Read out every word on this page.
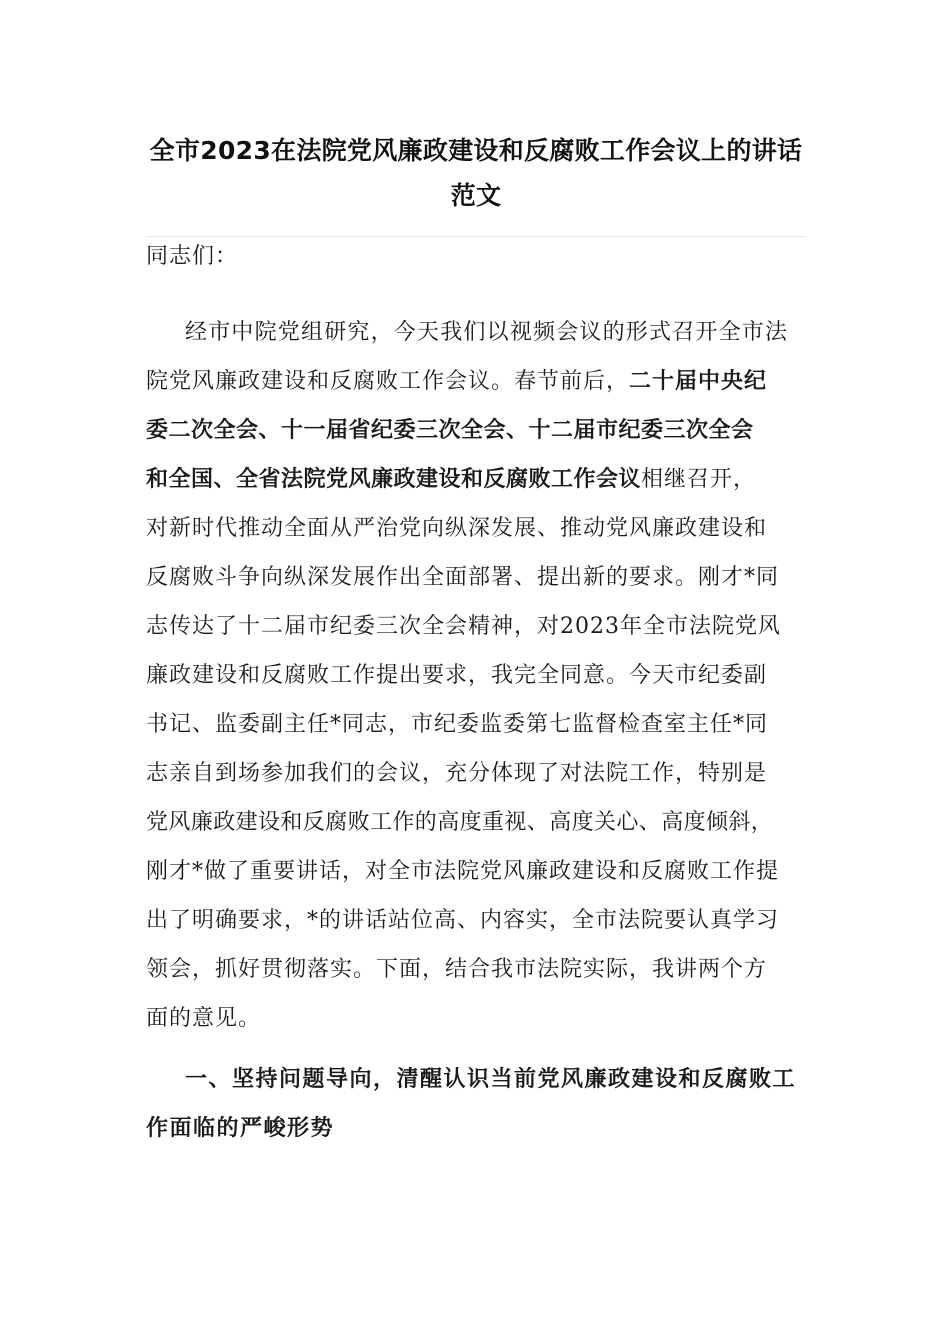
全市2023在法院党风廉政建设和反腐败工作会议上的讲话
范文
同志们：
经市中院党组研究，今天我们以视频会议的形式召开全市法
院党风廉政建设和反腐败工作会议。春节前后，二十届中央纪
委二次全会、十一届省纪委三次全会、十二届市纪委三次全会
和全国、全省法院党风廉政建设和反腐败工作会议相继召开，
对新时代推动全面从严治党向纵深发展、推动党风廉政建设和
反腐败斗争向纵深发展作出全面部署、提出新的要求。刚才*同
志传达了十二届市纪委三次全会精神，对2023年全市法院党风
廉政建设和反腐败工作提出要求，我完全同意。今天市纪委副
书记、监委副主任*同志，市纪委监委第七监督检查室主任*同
志亲自到场参加我们的会议，充分体现了对法院工作，特别是
党风廉政建设和反腐败工作的高度重视、高度关心、高度倾斜，
刚才*做了重要讲话，对全市法院党风廉政建设和反腐败工作提
出了明确要求，*的讲话站位高、内容实，全市法院要认真学习
领会，抓好贯彻落实。下面，结合我市法院实际，我讲两个方
面的意见。
一、坚持问题导向，清醒认识当前党风廉政建设和反腐败工
作面临的严峻形势
